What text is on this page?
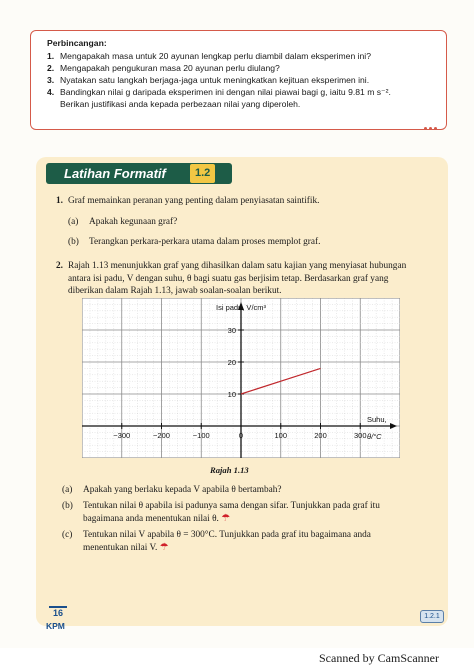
Perbincangan:
1. Mengapakah masa untuk 20 ayunan lengkap perlu diambil dalam eksperimen ini?
2. Mengapakah pengukuran masa 20 ayunan perlu diulang?
3. Nyatakan satu langkah berjaga-jaga untuk meningkatkan kejituan eksperimen ini.
4. Bandingkan nilai g daripada eksperimen ini dengan nilai piawai bagi g, iaitu 9.81 m s⁻².
Berikan justifikasi anda kepada perbezaan nilai yang diperoleh.
Latihan Formatif	1.2
1. Graf memainkan peranan yang penting dalam penyiasatan saintifik.
(a) Apakah kegunaan graf?
(b) Terangkan perkara-perkara utama dalam proses memplot graf.
2. Rajah 1.13 menunjukkan graf yang dihasilkan dalam satu kajian yang menyiasat hubungan
antara isi padu, V dengan suhu, θ bagi suatu gas berjisim tetap. Berdasarkan graf yang
diberikan dalam Rajah 1.13, jawab soalan-soalan berikut.
−300	−200	−100	0	100	200	300
10
20
30
Isi padu, V/cm³
Suhu,
θ/°C
Rajah 1.13
(a) Apakah yang berlaku kepada V apabila θ bertambah?
(b) Tentukan nilai θ apabila isi padunya sama dengan sifar. Tunjukkan pada graf itu
bagaimana anda menentukan nilai θ. ☂
(c) Tentukan nilai V apabila θ = 300°C. Tunjukkan pada graf itu bagaimana anda
menentukan nilai V. ☂
16
KPM
1.2.1
Scanned by CamScanner
